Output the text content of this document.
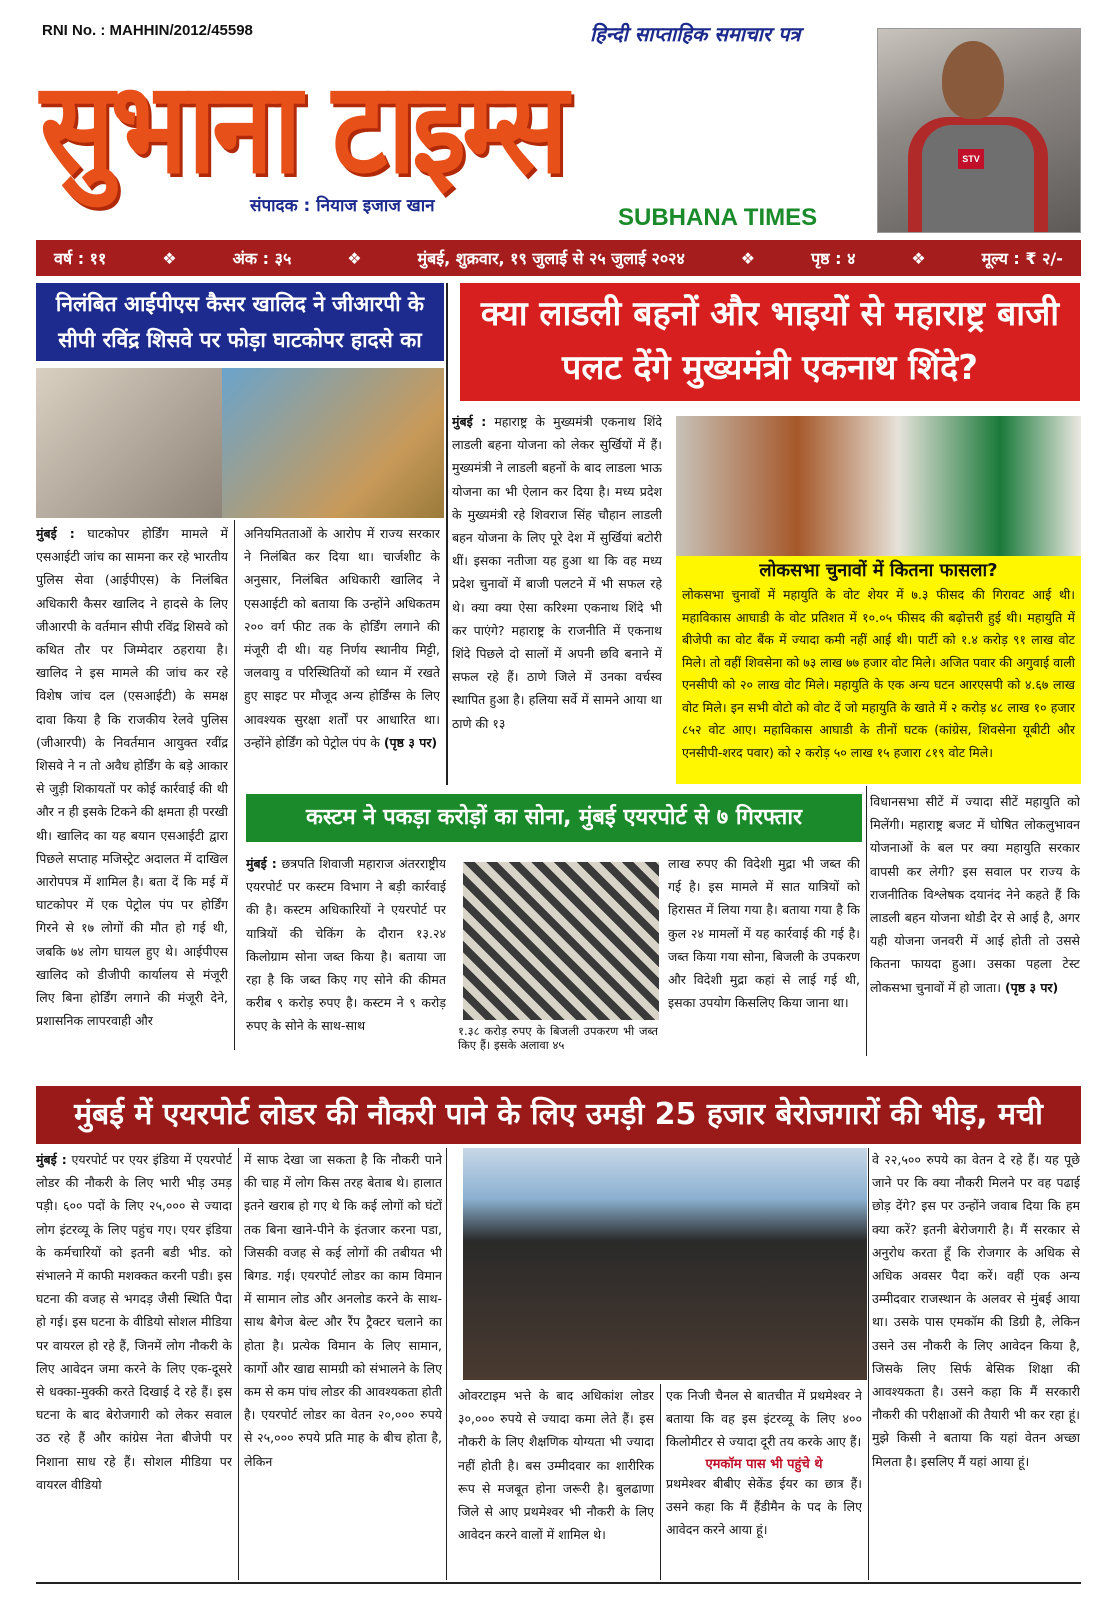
RNI No. : MAHHIN/2012/45598	हिन्दी साप्ताहिक समाचार पत्र
सुभाना टाइम्स
संपादक : नियाज इजाज खान	SUBHANA TIMES
STV
वर्ष : ११	❖	अंक : ३५	❖	मुंबई, शुक्रवार, १९ जुलाई से २५ जुलाई २०२४	❖	पृष्ठ : ४	❖	मूल्य : ₹ २/-
निलंबित आईपीएस कैसर खालिद ने जीआरपी के सीपी रविंद्र शिसवे पर फोड़ा घाटकोपर हादसे का
मुंबई : घाटकोपर होर्डिंग मामले में एसआईटी जांच का सामना कर रहे भारतीय पुलिस सेवा (आईपीएस) के निलंबित अधिकारी कैसर खालिद ने हादसे के लिए जीआरपी के वर्तमान सीपी रविंद्र शिसवे को कथित तौर पर जिम्मेदार ठहराया है। खालिद ने इस मामले की जांच कर रहे विशेष जांच दल (एसआईटी) के समक्ष दावा किया है कि राजकीय रेलवे पुलिस (जीआरपी) के निवर्तमान आयुक्त रवींद्र शिसवे ने न तो अवैध होर्डिंग के बड़े आकार से जुड़ी शिकायतों पर कोई कार्रवाई की थी और न ही इसके टिकने की क्षमता ही परखी थी। खालिद का यह बयान एसआईटी द्वारा पिछले सप्ताह मजिस्ट्रेट अदालत में दाखिल आरोपपत्र में शामिल है। बता दें कि मई में घाटकोपर में एक पेट्रोल पंप पर होर्डिंग गिरने से १७ लोगों की मौत हो गई थी, जबकि ७४ लोग घायल हुए थे। आईपीएस खालिद को डीजीपी कार्यालय से मंजूरी लिए बिना होर्डिंग लगाने की मंजूरी देने, प्रशासनिक लापरवाही और
अनियमितताओं के आरोप में राज्य सरकार ने निलंबित कर दिया था। चार्जशीट के अनुसार, निलंबित अधिकारी खालिद ने एसआईटी को बताया कि उन्होंने अधिकतम २०० वर्ग फीट तक के होर्डिंग लगाने की मंजूरी दी थी। यह निर्णय स्थानीय मिट्टी, जलवायु व परिस्थितियों को ध्यान में रखते हुए साइट पर मौजूद अन्य होर्डिंग्स के लिए आवश्यक सुरक्षा शर्तों पर आधारित था। उन्होंने होर्डिंग को पेट्रोल पंप के (पृष्ठ ३ पर)
क्या लाडली बहनों और भाइयों से महाराष्ट्र बाजी पलट देंगे मुख्यमंत्री एकनाथ शिंदे?
मुंबई : महाराष्ट्र के मुख्यमंत्री एकनाथ शिंदे लाडली बहना योजना को लेकर सुर्खियों में हैं। मुख्यमंत्री ने लाडली बहनों के बाद लाडला भाऊ योजना का भी ऐलान कर दिया है। मध्य प्रदेश के मुख्यमंत्री रहे शिवराज सिंह चौहान लाडली बहन योजना के लिए पूरे देश में सुर्खियां बटोरी थीं। इसका नतीजा यह हुआ था कि वह मध्य प्रदेश चुनावों में बाजी पलटने में भी सफल रहे थे। क्या क्या ऐसा करिश्मा एकनाथ शिंदे भी कर पाएंगे? महाराष्ट्र के राजनीति में एकनाथ शिंदे पिछले दो सालों में अपनी छवि बनाने में सफल रहे हैं। ठाणे जिले में उनका वर्चस्व स्थापित हुआ है। हलिया सर्वे में सामने आया था ठाणे की १३
लोकसभा चुनावों में कितना फासला?

लोकसभा चुनावों में महायुति के वोट शेयर में ७.३ फीसद की गिरावट आई थी। महाविकास आघाडी के वोट प्रतिशत में १०.०५ फीसद की बढ़ोत्तरी हुई थी। महायुति में बीजेपी का वोट बैंक में ज्यादा कमी नहीं आई थी। पार्टी को १.४ करोड़ ९१ लाख वोट मिले। तो वहीं शिवसेना को ७३ लाख ७७ हजार वोट मिले। अजित पवार की अगुवाई वाली एनसीपी को २० लाख वोट मिले। महायुति के एक अन्य घटन आरएसपी को ४.६७ लाख वोट मिले। इन सभी वोटो को वोट दें जो महायुति के खाते में २ करोड़ ४८ लाख १० हजार ८५२ वोट आए। महाविकास आघाडी के तीनों घटक (कांग्रेस, शिवसेना यूबीटी और एनसीपी-शरद पवार) को २ करोड़ ५० लाख १५ हजारा ८१९ वोट मिले।

विधानसभा सीटें में ज्यादा सीटें महायुति को मिलेंगी। महाराष्ट्र बजट में घोषित लोकलुभावन योजनाओं के बल पर क्या महायुति सरकार वापसी कर लेगी? इस सवाल पर राज्य के राजनीतिक विश्लेषक दयानंद नेने कहते हैं कि लाडली बहन योजना थोडी देर से आई है, अगर यही योजना जनवरी में आई होती तो उससे कितना फायदा हुआ। उसका पहला टेस्ट लोकसभा चुनावों में हो जाता। (पृष्ठ ३ पर)
कस्टम ने पकड़ा करोड़ों का सोना, मुंबई एयरपोर्ट से ७ गिरफ्तार
मुंबई : छत्रपति शिवाजी महाराज अंतरराष्ट्रीय एयरपोर्ट पर कस्टम विभाग ने बड़ी कार्रवाई की है। कस्टम अधिकारियों ने एयरपोर्ट पर यात्रियों की चेकिंग के दौरान १३.२४ किलोग्राम सोना जब्त किया है। बताया जा रहा है कि जब्त किए गए सोने की कीमत करीब ९ करोड़ रुपए है। कस्टम ने ९ करोड़ रुपए के सोने के साथ-साथ	१.३८ करोड़ रुपए के बिजली उपकरण भी जब्त किए हैं। इसके अलावा ४५
लाख रुपए की विदेशी मुद्रा भी जब्त की गई है। इस मामले में सात यात्रियों को हिरासत में लिया गया है। बताया गया है कि कुल २४ मामलों में यह कार्रवाई की गई है। जब्त किया गया सोना, बिजली के उपकरण और विदेशी मुद्रा कहां से लाई गई थी, इसका उपयोग किसलिए किया जाना था।
मुंबई में एयरपोर्ट लोडर की नौकरी पाने के लिए उमड़ी 25 हजार बेरोजगारों की भीड़, मची
मुंबई : एयरपोर्ट पर एयर इंडिया में एयरपोर्ट लोडर की नौकरी के लिए भारी भीड़ उमड़ पड़ी। ६०० पदों के लिए २५,००० से ज्यादा लोग इंटरव्यू के लिए पहुंच गए। एयर इंडिया के कर्मचारियों को इतनी बडी भीड. को संभालने में काफी मशक्कत करनी पडी। इस घटना की वजह से भगदड़ जैसी स्थिति पैदा हो गई। इस घटना के वीडियो सोशल मीडिया पर वायरल हो रहे हैं, जिनमें लोग नौकरी के लिए आवेदन जमा करने के लिए एक-दूसरे से धक्का-मुक्की करते दिखाई दे रहे हैं। इस घटना के बाद बेरोजगारी को लेकर सवाल उठ रहे हैं और कांग्रेस नेता बीजेपी पर निशाना साध रहे हैं। सोशल मीडिया पर वायरल वीडियो
में साफ देखा जा सकता है कि नौकरी पाने की चाह में लोग किस तरह बेताब थे। हालात इतने खराब हो गए थे कि कई लोगों को घंटों तक बिना खाने-पीने के इंतजार करना पडा, जिसकी वजह से कई लोगों की तबीयत भी बिगड. गई। एयरपोर्ट लोडर का काम विमान में सामान लोड और अनलोड करने के साथ-साथ बैगेज बेल्ट और रैंप ट्रैक्टर चलाने का होता है। प्रत्येक विमान के लिए सामान, कार्गो और खाद्य सामग्री को संभालने के लिए कम से कम पांच लोडर की आवश्यकता होती है। एयरपोर्ट लोडर का वेतन २०,००० रुपये से २५,००० रुपये प्रति माह के बीच होता है, लेकिन
ओवरटाइम भत्ते के बाद अधिकांश लोडर ३०,००० रुपये से ज्यादा कमा लेते हैं। इस नौकरी के लिए शैक्षणिक योग्यता भी ज्यादा नहीं होती है। बस उम्मीदवार का शारीरिक रूप से मजबूत होना जरूरी है। बुलढाणा जिले से आए प्रथमेश्वर भी नौकरी के लिए आवेदन करने वालों में शामिल थे।
एक निजी चैनल से बातचीत में प्रथमेश्वर ने बताया कि वह इस इंटरव्यू के लिए ४०० किलोमीटर से ज्यादा दूरी तय करके आए हैं।
एमकॉम पास भी पहुंचे थे
प्रथमेश्वर बीबीए सेकेंड ईयर का छात्र हैं। उसने कहा कि मैं हैंडीमैन के पद के लिए आवेदन करने आया हूं।
वे २२,५०० रुपये का वेतन दे रहे हैं। यह पूछे जाने पर कि क्या नौकरी मिलने पर वह पढाई छोड़ देंगे? इस पर उन्होंने जवाब दिया कि हम क्या करें? इतनी बेरोजगारी है। मैं सरकार से अनुरोध करता हूँ कि रोजगार के अधिक से अधिक अवसर पैदा करें। वहीं एक अन्य उम्मीदवार राजस्थान के अलवर से मुंबई आया था। उसके पास एमकॉम की डिग्री है, लेकिन उसने उस नौकरी के लिए आवेदन किया है, जिसके लिए सिर्फ बेसिक शिक्षा की आवश्यकता है। उसने कहा कि मैं सरकारी नौकरी की परीक्षाओं की तैयारी भी कर रहा हूं। मुझे किसी ने बताया कि यहां वेतन अच्छा मिलता है। इसलिए मैं यहां आया हूं।
